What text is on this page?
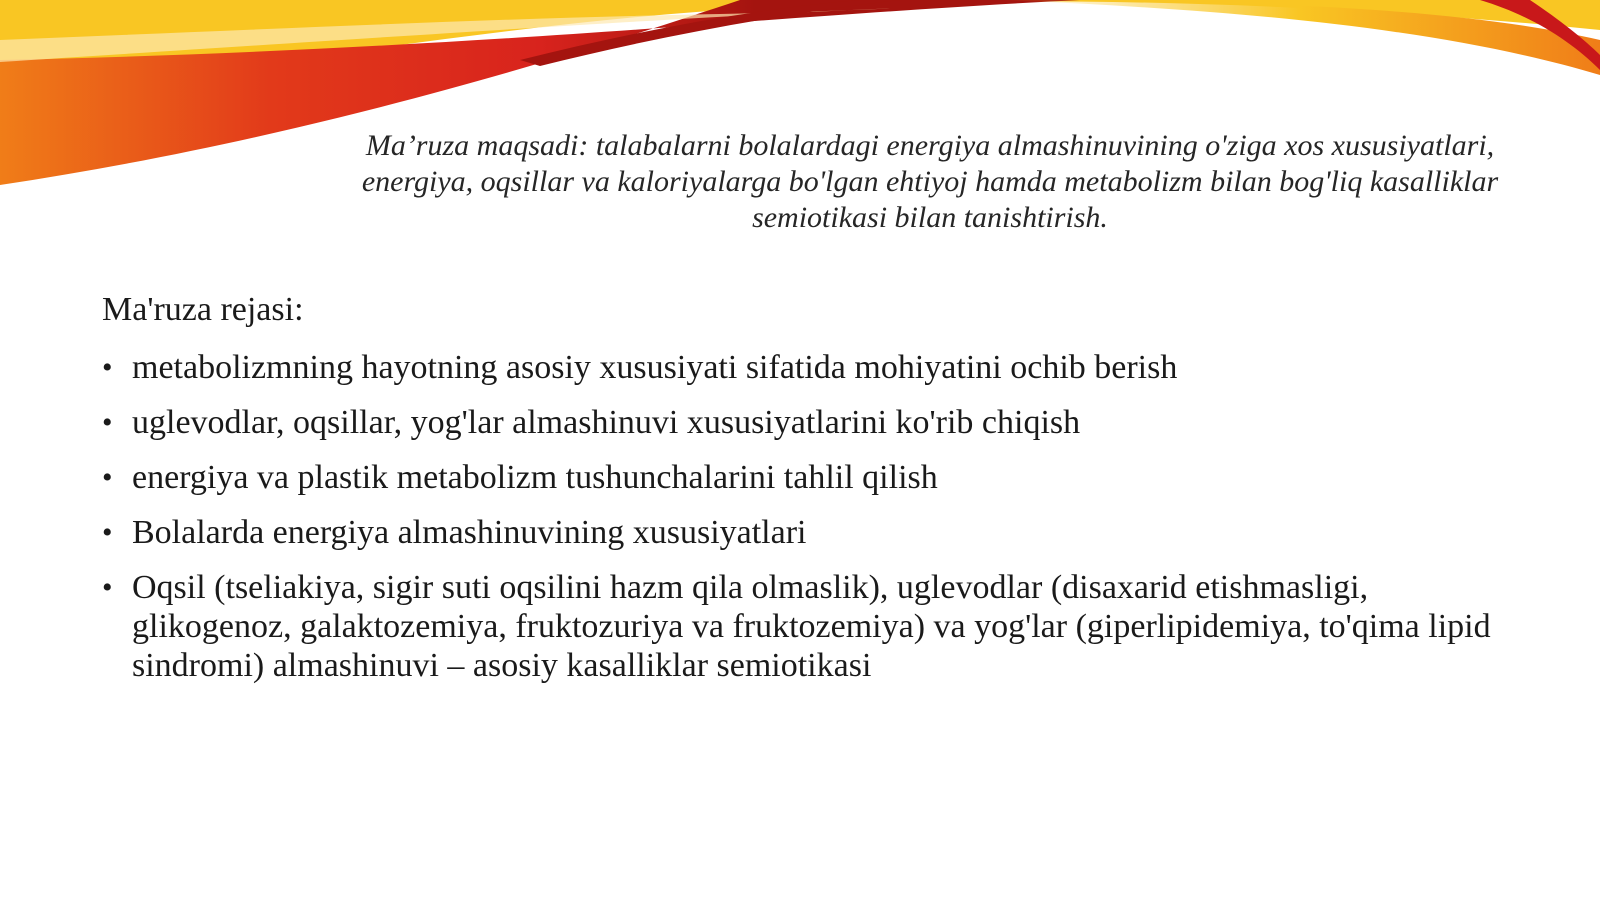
Ma’ruza maqsadi: talabalarni bolalardagi energiya almashinuvining o'ziga xos xususiyatlari, energiya, oqsillar va kaloriyalarga bo'lgan ehtiyoj hamda metabolizm bilan bog'liq kasalliklar semiotikasi bilan tanishtirish.
Ma'ruza rejasi:
• metabolizmning hayotning asosiy xususiyati sifatida mohiyatini ochib berish
• uglevodlar, oqsillar, yog'lar almashinuvi xususiyatlarini ko'rib chiqish
• energiya va plastik metabolizm tushunchalarini tahlil qilish
• Bolalarda energiya almashinuvining xususiyatlari
• Oqsil (tseliakiya, sigir suti oqsilini hazm qila olmaslik), uglevodlar (disaxarid etishmasligi, glikogenoz, galaktozemiya, fruktozuriya va fruktozemiya) va yog'lar (giperlipidemiya, to'qima lipid sindromi) almashinuvi – asosiy kasalliklar semiotikasi
